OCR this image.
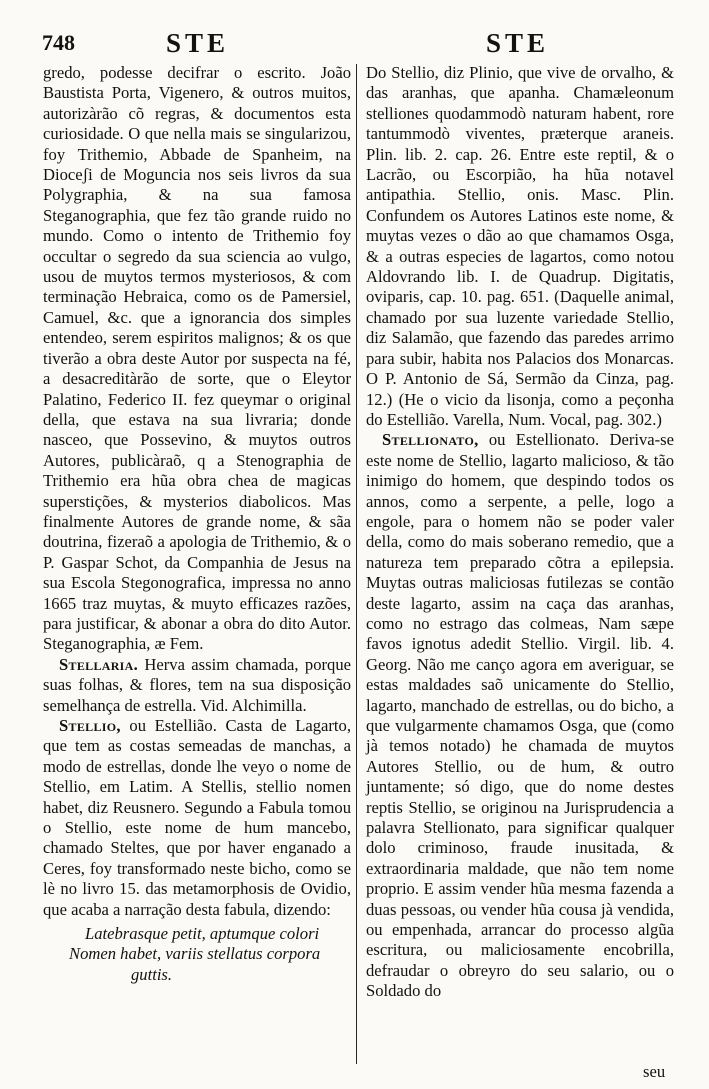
748	STE	STE

gredo, podesse decifrar o escrito. João Baustista Porta, Vigenero, & outros muitos, autorizàrão cõ regras, & documentos esta curiosidade. O que nella mais se singularizou, foy Trithemio, Abbade de Spanheim, na Dioceʃi de Moguncia nos seis livros da sua Polygraphia, & na sua famosa Steganographia, que fez tão grande ruido no mundo. Como o intento de Trithemio foy occultar o segredo da sua sciencia ao vulgo, usou de muytos termos mysteriosos, & com terminação Hebraica, como os de Pamersiel, Camuel, &c. que a ignorancia dos simples entendeo, serem espiritos malignos; & os que tiverão a obra deste Autor por suspecta na fé, a desacreditàrão de sorte, que o Eleytor Palatino, Federico II. fez queymar o original della, que estava na sua livraria; donde nasceo, que Possevino, & muytos outros Autores, publicàraõ, q a Stenographia de Trithemio era hũa obra chea de magicas superstições, & mysterios diabolicos. Mas finalmente Autores de grande nome, & sãa doutrina, fizeraõ a apologia de Trithemio, & o P. Gaspar Schot, da Companhia de Jesus na sua Escola Stegonografica, impressa no anno 1665 traz muytas, & muyto efficazes razões, para justificar, & abonar a obra do dito Autor. Steganographia, æ Fem.

Stellaria. Herva assim chamada, porque suas folhas, & flores, tem na sua disposição semelhança de estrella. Vid. Alchimilla.

Stellio, ou Estellião. Casta de Lagarto, que tem as costas semeadas de manchas, a modo de estrellas, donde lhe veyo o nome de Stellio, em Latim. A Stellis, stellio nomen habet, diz Reusnero. Segundo a Fabula tomou o Stellio, este nome de hum mancebo, chamado Steltes, que por haver enganado a Ceres, foy transformado neste bicho, como se lè no livro 15. das metamorphosis de Ovidio, que acaba a narração desta fabula, dizendo:

Latebrasque petit, aptumque colori
Nomen habet, variis stellatus corpora
guttis.

Do Stellio, diz Plinio, que vive de orvalho, & das aranhas, que apanha. Chamæleonum stelliones quodammodò naturam habent, rore tantummodò viventes, præterque araneis. Plin. lib. 2. cap. 26. Entre este reptil, & o Lacrão, ou Escorpião, ha hũa notavel antipathia. Stellio, onis. Masc. Plin. Confundem os Autores Latinos este nome, & muytas vezes o dão ao que chamamos Osga, & a outras especies de lagartos, como notou Aldovrando lib. I. de Quadrup. Digitatis, oviparis, cap. 10. pag. 651. (Daquelle animal, chamado por sua luzente variedade Stellio, diz Salamão, que fazendo das paredes arrimo para subir, habita nos Palacios dos Monarcas. O P. Antonio de Sá, Sermão da Cinza, pag. 12.) (He o vicio da lisonja, como a peçonha do Estellião. Varella, Num. Vocal, pag. 302.)

Stellionato, ou Estellionato. Deriva-se este nome de Stellio, lagarto malicioso, & tão inimigo do homem, que despindo todos os annos, como a serpente, a pelle, logo a engole, para o homem não se poder valer della, como do mais soberano remedio, que a natureza tem preparado cõtra a epilepsia. Muytas outras maliciosas futilezas se contão deste lagarto, assim na caça das aranhas, como no estrago das colmeas, Nam sæpe favos ignotus adedit Stellio. Virgil. lib. 4. Georg. Não me canço agora em averiguar, se estas maldades saõ unicamente do Stellio, lagarto, manchado de estrellas, ou do bicho, a que vulgarmente chamamos Osga, que (como jà temos notado) he chamada de muytos Autores Stellio, ou de hum, & outro juntamente; só digo, que do nome destes reptis Stellio, se originou na Jurisprudencia a palavra Stellionato, para significar qualquer dolo criminoso, fraude inusitada, & extraordinaria maldade, que não tem nome proprio. E assim vender hũa mesma fazenda a duas pessoas, ou vender hũa cousa jà vendida, ou empenhada, arrancar do processo algũa escritura, ou maliciosamente encobrilla, defraudar o obreyro do seu salario, ou o Soldado do

seu
